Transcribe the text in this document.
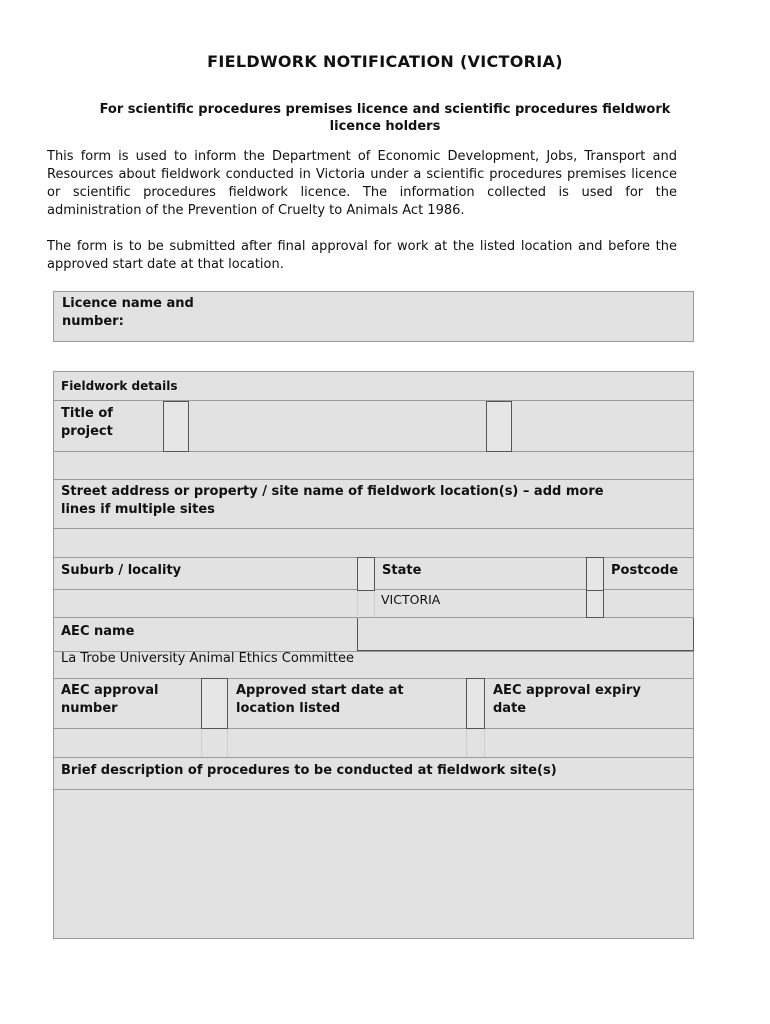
FIELDWORK NOTIFICATION (VICTORIA)
For scientific procedures premises licence and scientific procedures fieldwork licence holders
This form is used to inform the Department of Economic Development, Jobs, Transport and Resources about fieldwork conducted in Victoria under a scientific procedures premises licence or scientific procedures fieldwork licence. The information collected is used for the administration of the Prevention of Cruelty to Animals Act 1986.
The form is to be submitted after final approval for work at the listed location and before the approved start date at that location.
Licence name and
number:
Fieldwork details
Title of
project
Street address or property / site name of fieldwork location(s) – add more
lines if multiple sites
Suburb / locality	State	Postcode
VICTORIA
AEC name
La Trobe University Animal Ethics Committee
AEC approval
number
Approved start date at
location listed
AEC approval expiry
date
Brief description of procedures to be conducted at fieldwork site(s)
